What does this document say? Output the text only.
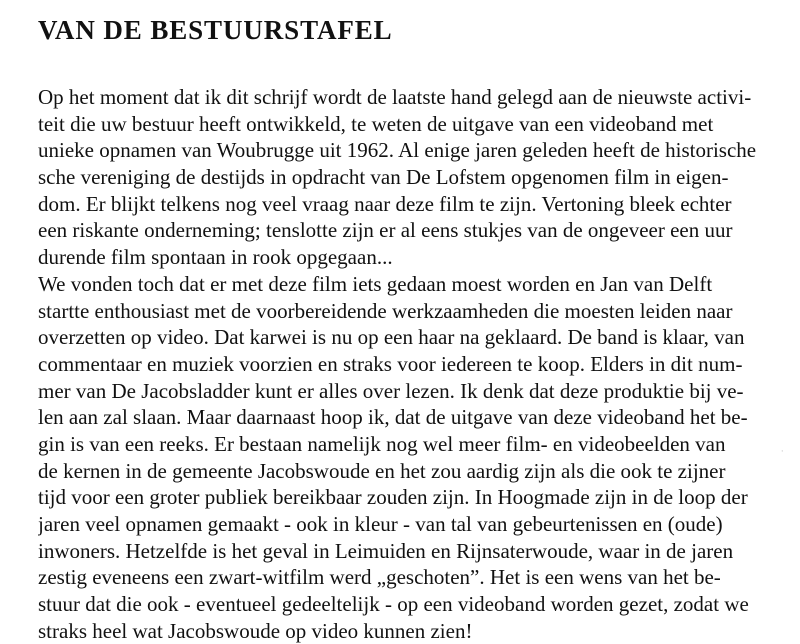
VAN DE BESTUURSTAFEL
Op het moment dat ik dit schrijf wordt de laatste hand gelegd aan de nieuwste activi-
teit die uw bestuur heeft ontwikkeld, te weten de uitgave van een videoband met
unieke opnamen van Woubrugge uit 1962. Al enige jaren geleden heeft de historische
sche vereniging de destijds in opdracht van De Lofstem opgenomen film in eigen-
dom. Er blijkt telkens nog veel vraag naar deze film te zijn. Vertoning bleek echter
een riskante onderneming; tenslotte zijn er al eens stukjes van de ongeveer een uur
durende film spontaan in rook opgegaan...
We vonden toch dat er met deze film iets gedaan moest worden en Jan van Delft
startte enthousiast met de voorbereidende werkzaamheden die moesten leiden naar
overzetten op video. Dat karwei is nu op een haar na geklaard. De band is klaar, van
commentaar en muziek voorzien en straks voor iedereen te koop. Elders in dit num-
mer van De Jacobsladder kunt er alles over lezen. Ik denk dat deze produktie bij ve-
len aan zal slaan. Maar daarnaast hoop ik, dat de uitgave van deze videoband het be-
gin is van een reeks. Er bestaan namelijk nog wel meer film- en videobeelden van
de kernen in de gemeente Jacobswoude en het zou aardig zijn als die ook te zijner
tijd voor een groter publiek bereikbaar zouden zijn. In Hoogmade zijn in de loop der
jaren veel opnamen gemaakt - ook in kleur - van tal van gebeurtenissen en (oude)
inwoners. Hetzelfde is het geval in Leimuiden en Rijnsaterwoude, waar in de jaren
zestig eveneens een zwart-witfilm werd „geschoten”. Het is een wens van het be-
stuur dat die ook - eventueel gedeeltelijk - op een videoband worden gezet, zodat we
straks heel wat Jacobswoude op video kunnen zien!
·
